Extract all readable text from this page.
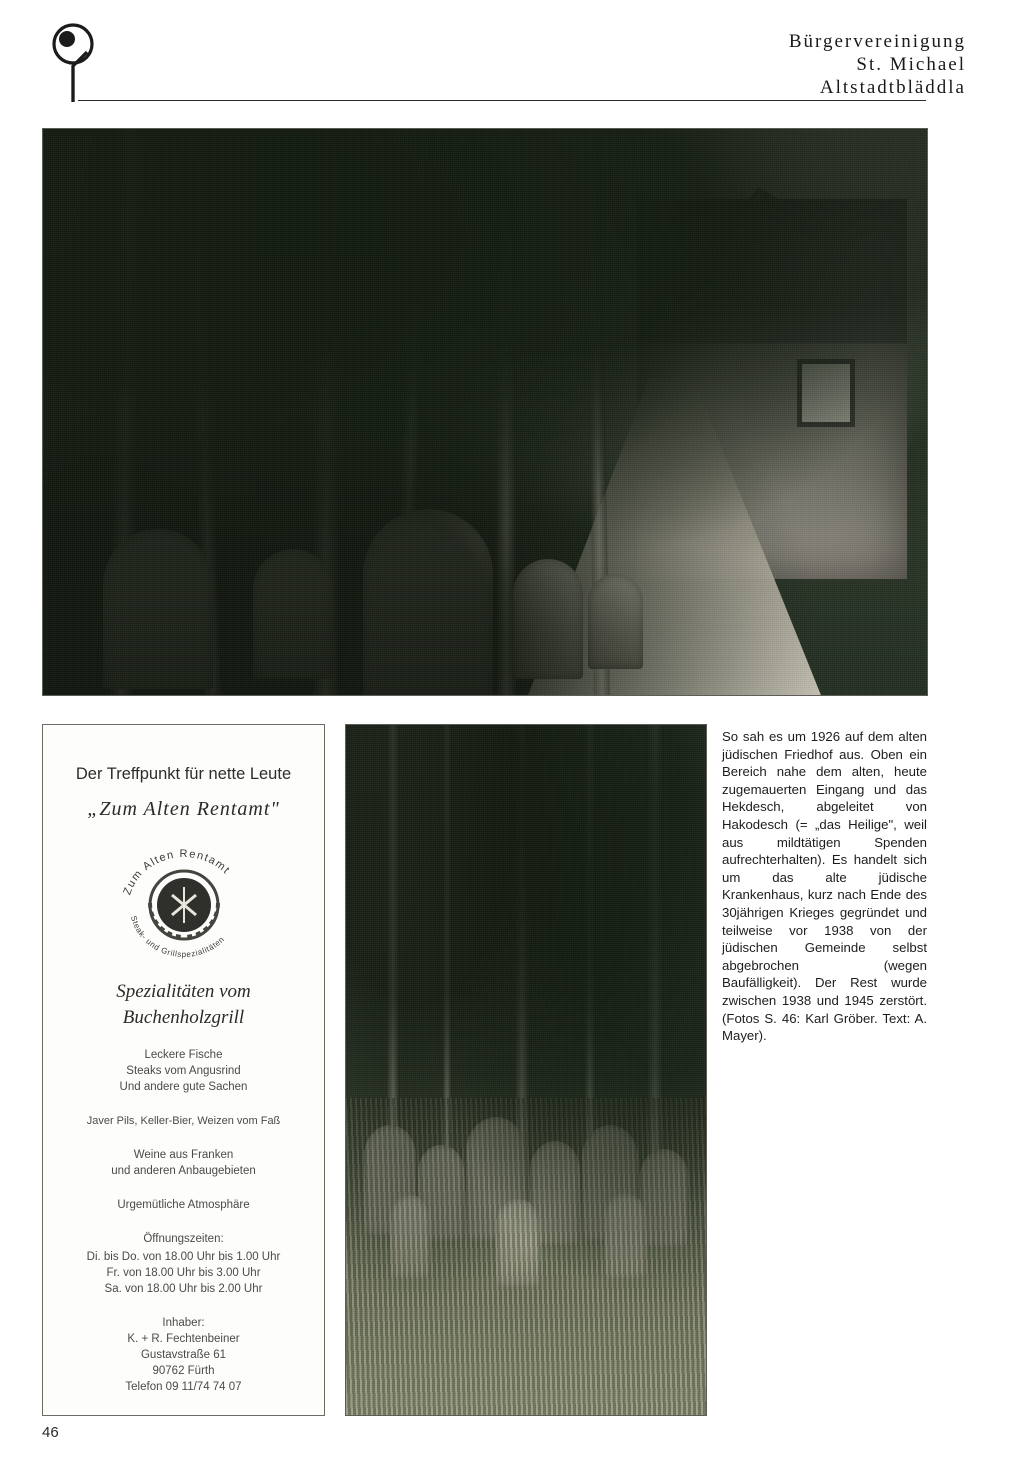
Bürgervereinigung
St. Michael
Altstadtbläddla
Der Treffpunkt für nette Leute
„Zum Alten Rentamt"
Zum Alten Rentamt
Steak- und Grillspezialitäten
Spezialitäten vom
Buchenholzgrill
Leckere Fische
Steaks vom Angusrind
Und andere gute Sachen
Javer Pils, Keller-Bier, Weizen vom Faß
Weine aus Franken
und anderen Anbaugebieten
Urgemütliche Atmosphäre
Öffnungszeiten:
Di. bis Do. von 18.00 Uhr bis 1.00 Uhr
Fr. von 18.00 Uhr bis 3.00 Uhr
Sa. von 18.00 Uhr bis 2.00 Uhr
Inhaber:
K. + R. Fechtenbeiner
Gustavstraße 61
90762 Fürth
Telefon 09 11/74 74 07
So sah es um 1926 auf dem alten jüdischen Friedhof aus. Oben ein Bereich nahe dem alten, heute zugemauerten Eingang und das Hekdesch, abgeleitet von Hakodesch (= „das Heilige", weil aus mildtätigen Spenden aufrechterhalten). Es handelt sich um das alte jüdische Krankenhaus, kurz nach Ende des 30jährigen Krieges gegründet und teilweise vor 1938 von der jüdischen Gemeinde selbst abgebrochen (wegen Baufälligkeit). Der Rest wurde zwischen 1938 und 1945 zerstört. (Fotos S. 46: Karl Gröber. Text: A. Mayer).
46
